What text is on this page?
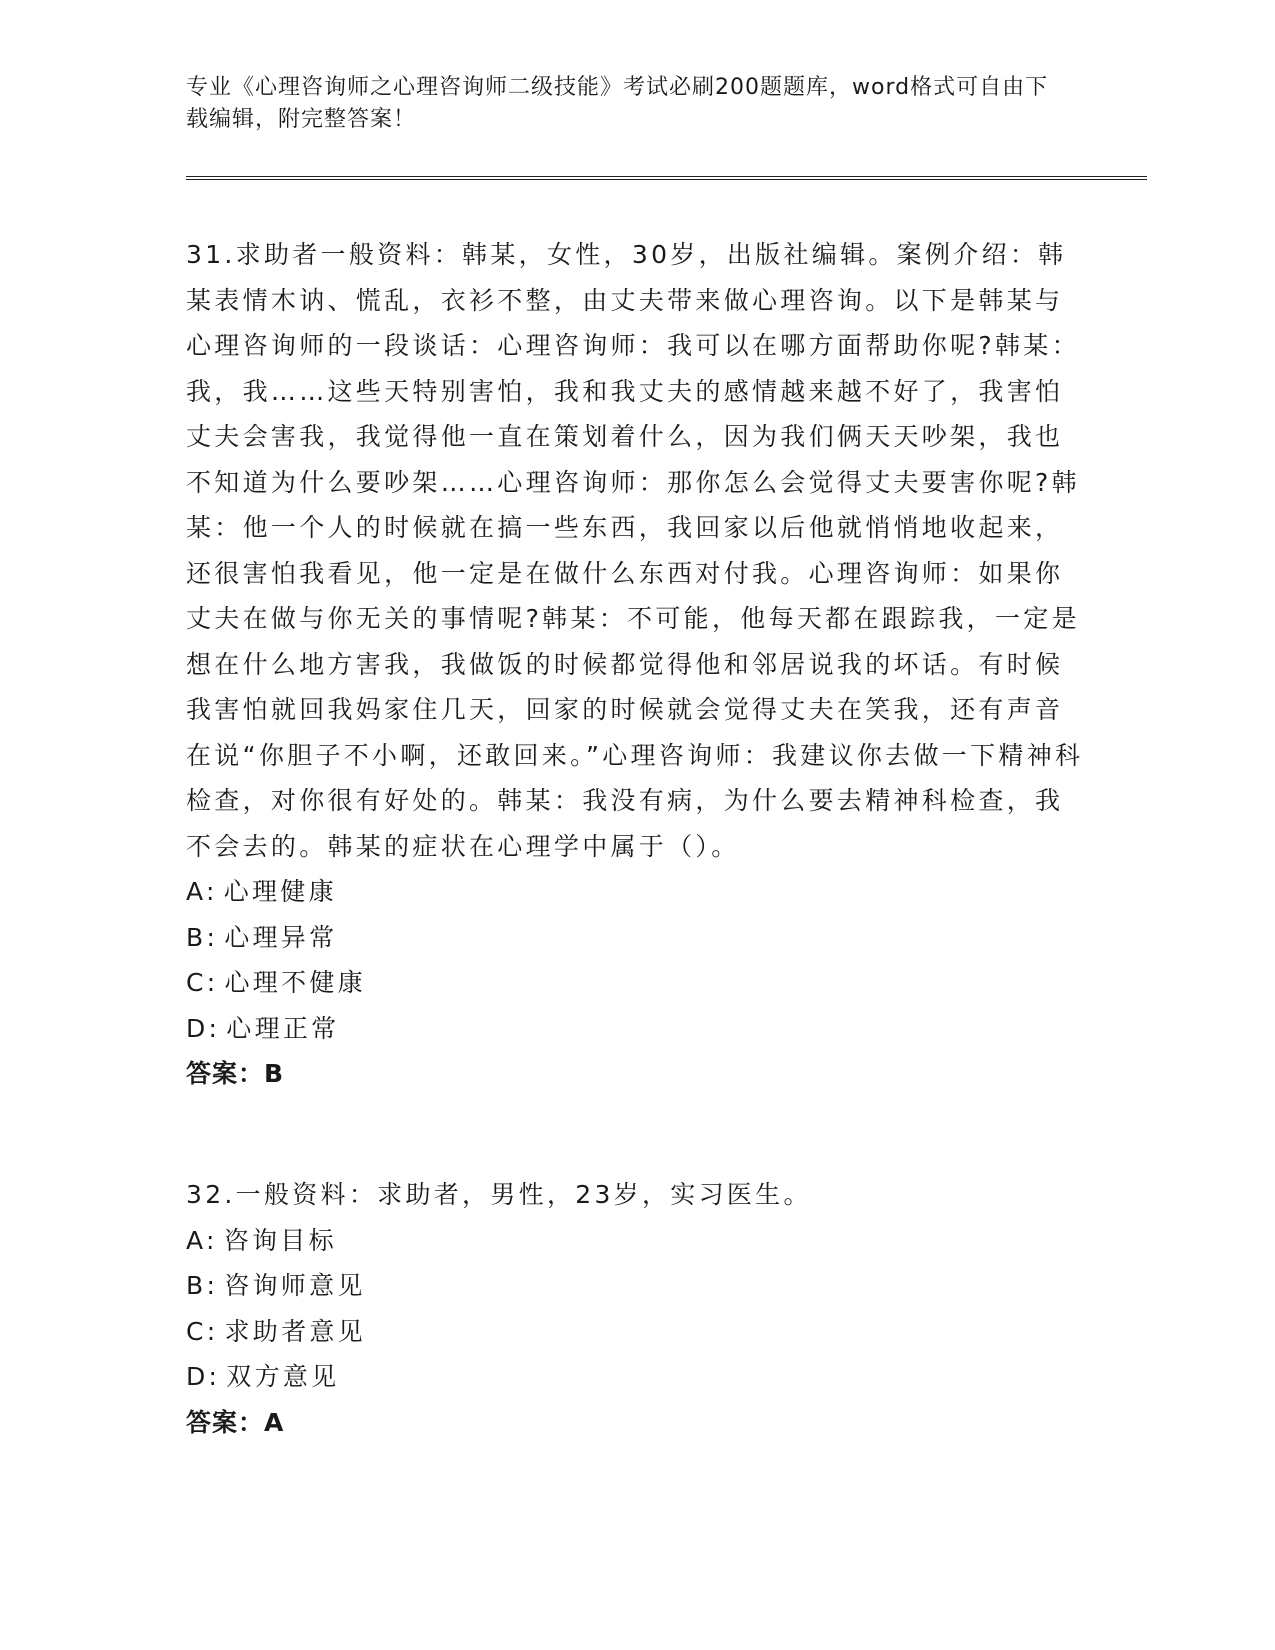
专业《心理咨询师之心理咨询师二级技能》考试必刷200题题库，word格式可自由下载编辑，附完整答案！

31.求助者一般资料：韩某，女性，30岁，出版社编辑。案例介绍：韩某表情木讷、慌乱，衣衫不整，由丈夫带来做心理咨询。以下是韩某与心理咨询师的一段谈话：心理咨询师：我可以在哪方面帮助你呢?韩某：我，我……这些天特别害怕，我和我丈夫的感情越来越不好了，我害怕丈夫会害我，我觉得他一直在策划着什么，因为我们俩天天吵架，我也不知道为什么要吵架……心理咨询师：那你怎么会觉得丈夫要害你呢?韩某：他一个人的时候就在搞一些东西，我回家以后他就悄悄地收起来，还很害怕我看见，他一定是在做什么东西对付我。心理咨询师：如果你丈夫在做与你无关的事情呢?韩某：不可能，他每天都在跟踪我，一定是想在什么地方害我，我做饭的时候都觉得他和邻居说我的坏话。有时候我害怕就回我妈家住几天，回家的时候就会觉得丈夫在笑我，还有声音在说“你胆子不小啊，还敢回来。”心理咨询师：我建议你去做一下精神科检查，对你很有好处的。韩某：我没有病，为什么要去精神科检查，我不会去的。韩某的症状在心理学中属于（）。

A: 心理健康

B: 心理异常

C: 心理不健康

D: 心理正常

答案：B

32.一般资料：求助者，男性，23岁，实习医生。

A: 咨询目标

B: 咨询师意见

C: 求助者意见

D: 双方意见

答案：A
